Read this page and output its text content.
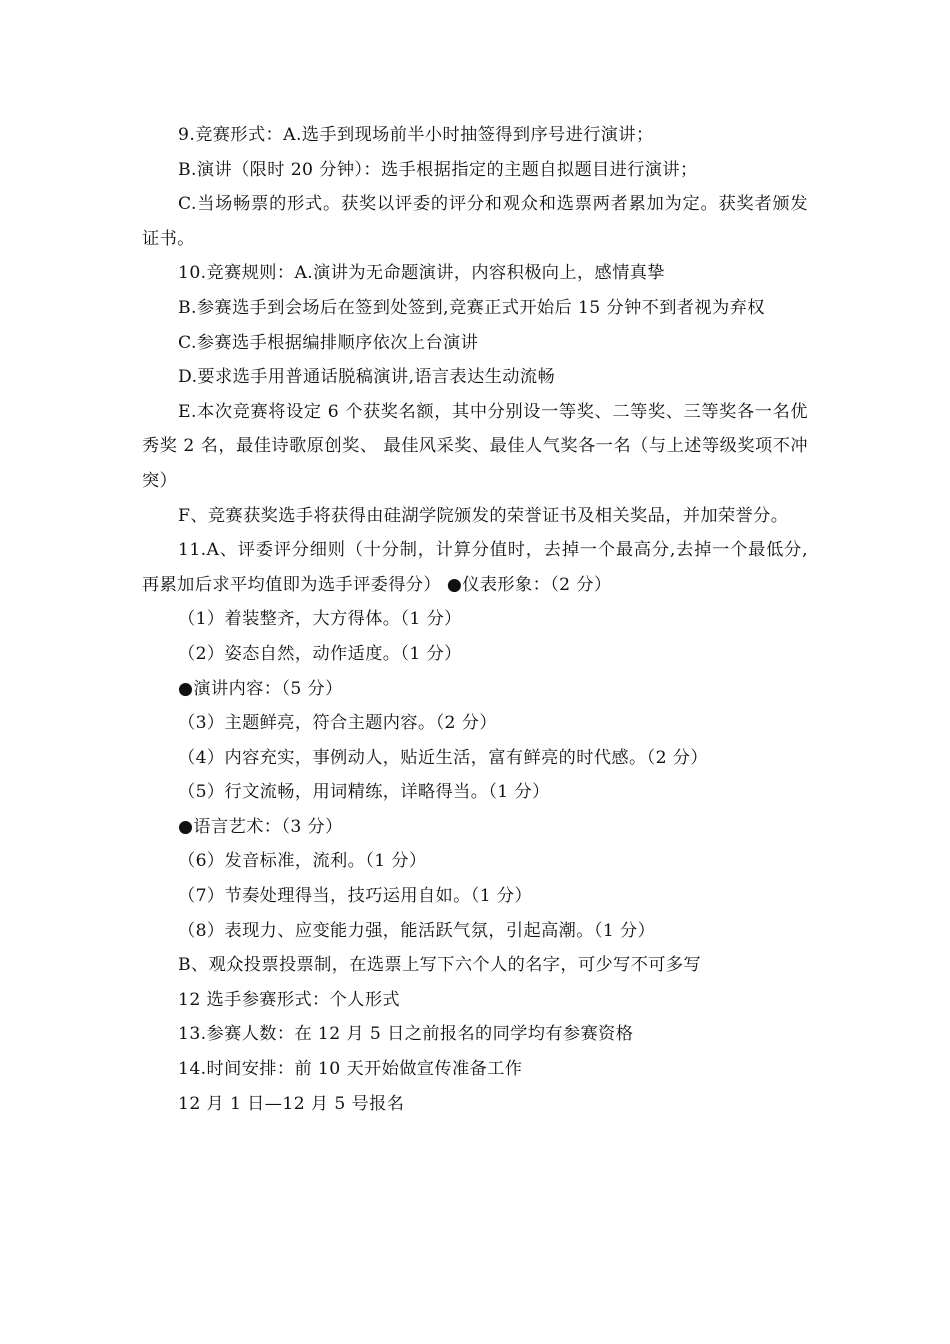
9.竞赛形式：A.选手到现场前半小时抽签得到序号进行演讲；

B.演讲（限时 20 分钟）：选手根据指定的主题自拟题目进行演讲；

C.当场畅票的形式。获奖以评委的评分和观众和选票两者累加为定。获奖者颁发证书。

10.竞赛规则：A.演讲为无命题演讲，内容积极向上，感情真挚

B.参赛选手到会场后在签到处签到,竞赛正式开始后 15 分钟不到者视为弃权

C.参赛选手根据编排顺序依次上台演讲

D.要求选手用普通话脱稿演讲,语言表达生动流畅

E.本次竞赛将设定 6 个获奖名额，其中分别设一等奖、二等奖、三等奖各一名优秀奖 2 名，最佳诗歌原创奖、 最佳风采奖、最佳人气奖各一名（与上述等级奖项不冲突）

F、竞赛获奖选手将获得由硅湖学院颁发的荣誉证书及相关奖品，并加荣誉分。

11.A、评委评分细则（十分制，计算分值时，去掉一个最高分,去掉一个最低分,再累加后求平均值即为选手评委得分） ●仪表形象：（2 分）

（1）着装整齐，大方得体。（1 分）

（2）姿态自然，动作适度。（1 分）

●演讲内容：（5 分）

（3）主题鲜亮，符合主题内容。（2 分）

（4）内容充实，事例动人，贴近生活，富有鲜亮的时代感。（2 分）

（5）行文流畅，用词精练，详略得当。（1 分）

●语言艺术：（3 分）

（6）发音标准，流利。（1 分）

（7）节奏处理得当，技巧运用自如。（1 分）

（8）表现力、应变能力强，能活跃气氛，引起高潮。（1 分）

B、观众投票投票制，在选票上写下六个人的名字，可少写不可多写

12 选手参赛形式：个人形式

13.参赛人数：在 12 月 5 日之前报名的同学均有参赛资格

14.时间安排：前 10 天开始做宣传准备工作

12 月 1 日—12 月 5 号报名
